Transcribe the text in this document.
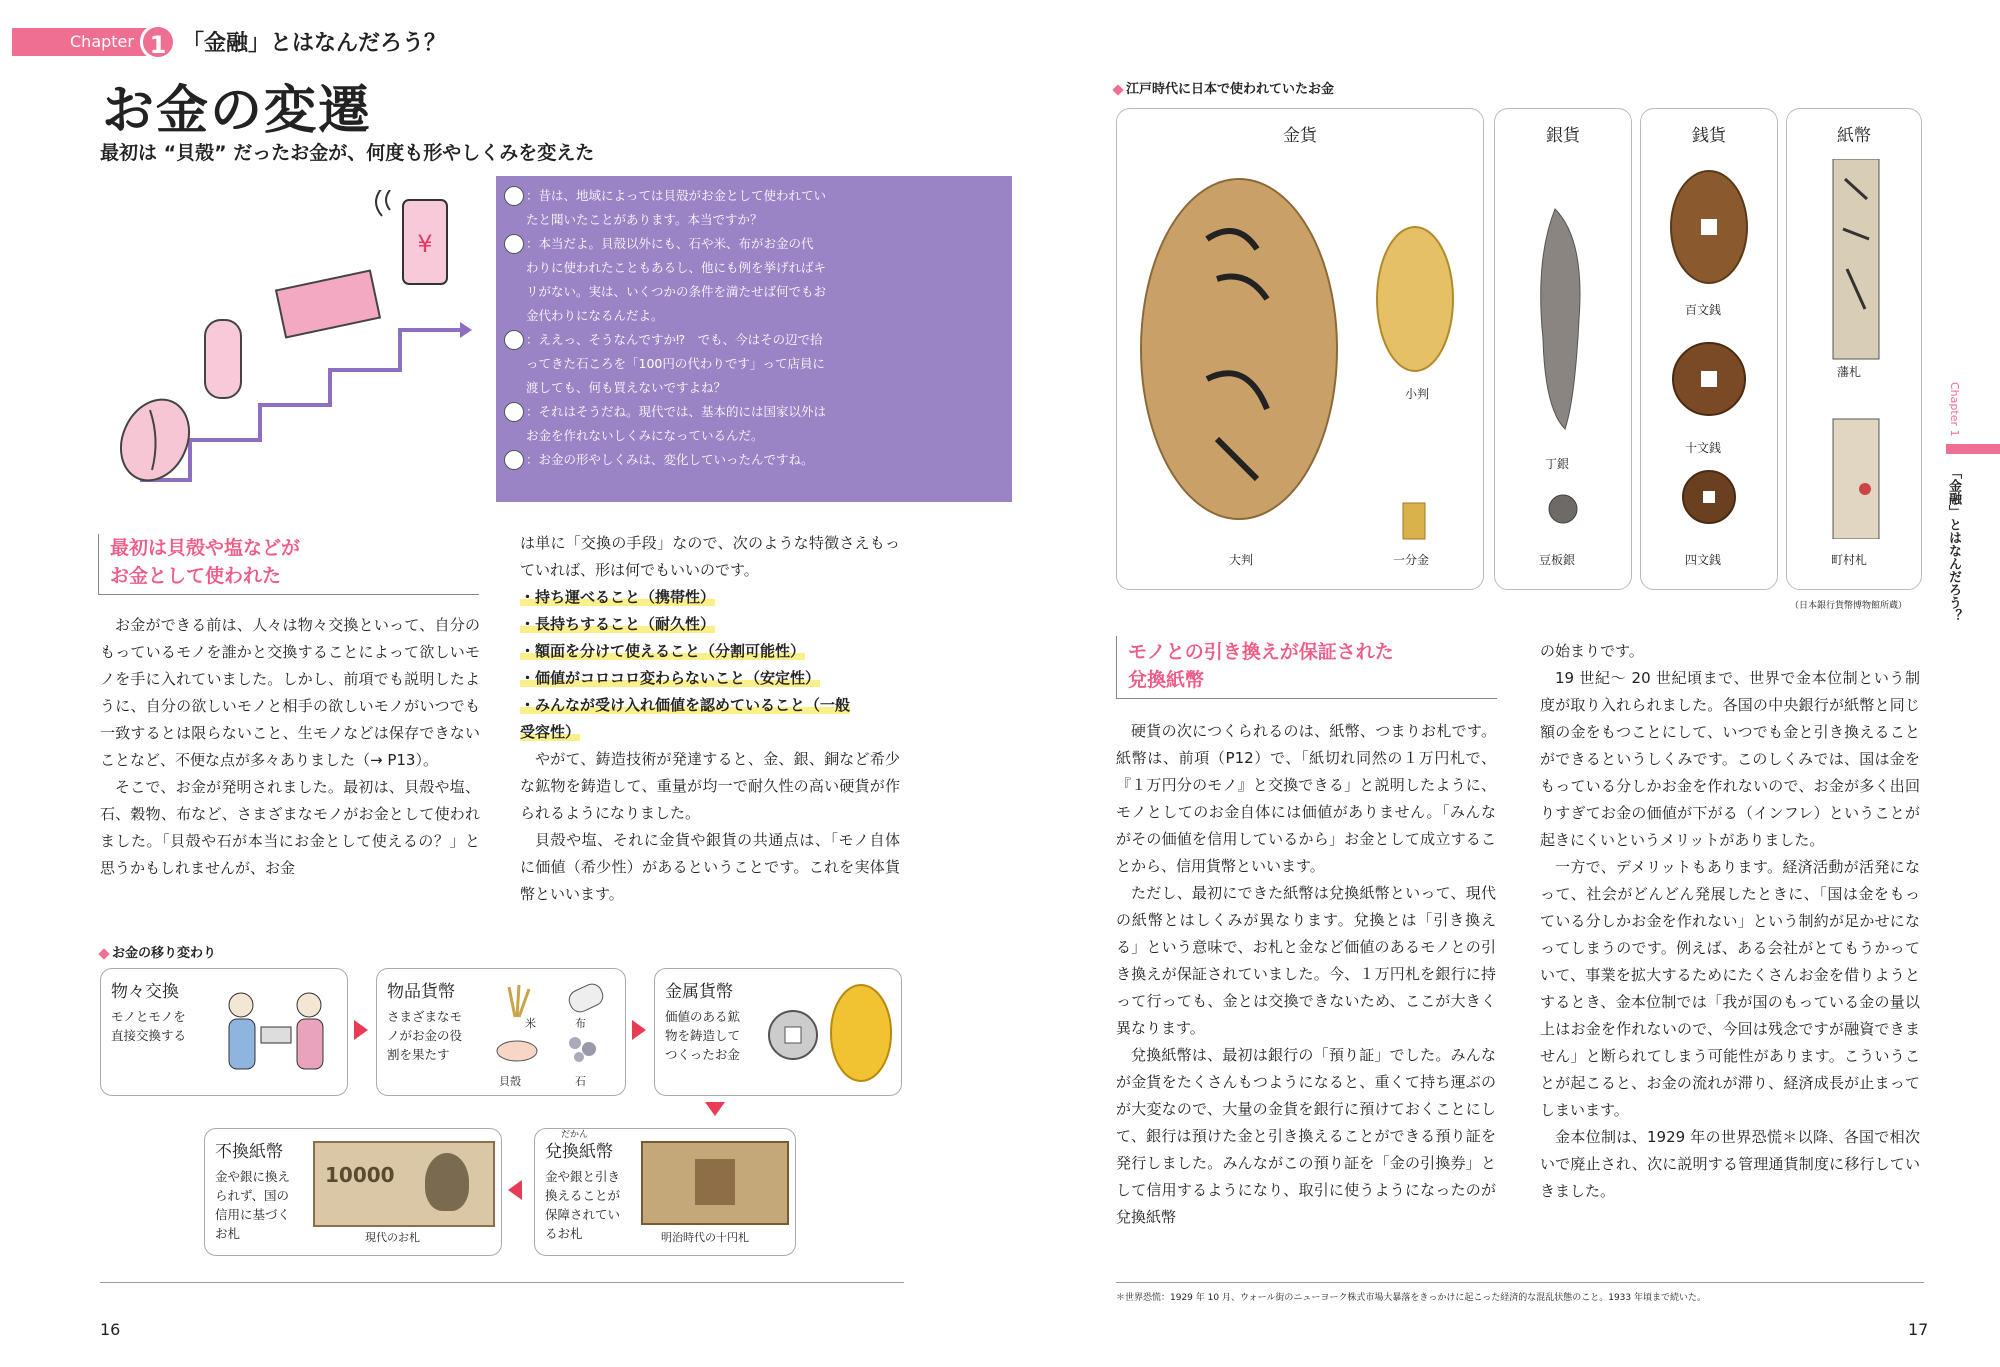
Chapter 1 「金融」とはなんだろう？
お金の変遷
最初は “貝殻” だったお金が、何度も形やしくみを変えた
¥
：昔は、地域によっては貝殻がお金として使われてい
たと聞いたことがあります。本当ですか？
：本当だよ。貝殻以外にも、石や米、布がお金の代
わりに使われたこともあるし、他にも例を挙げればキ
リがない。実は、いくつかの条件を満たせば何でもお
金代わりになるんだよ。
：ええっ、そうなんですか⁉　でも、今はその辺で拾
ってきた石ころを「100円の代わりです」って店員に
渡しても、何も買えないですよね？
：それはそうだね。現代では、基本的には国家以外は
お金を作れないしくみになっているんだ。
：お金の形やしくみは、変化していったんですね。
最初は貝殻や塩などが
お金として使われた

お金ができる前は、人々は物々交換といって、自分のもっているモノを誰かと交換することによって欲しいモノを手に入れていました。しかし、前項でも説明したように、自分の欲しいモノと相手の欲しいモノがいつでも一致するとは限らないこと、生モノなどは保存できないことなど、不便な点が多々ありました（→ P13）。

そこで、お金が発明されました。最初は、貝殻や塩、石、穀物、布など、さまざまなモノがお金として使われました。「貝殻や石が本当にお金として使えるの？」と思うかもしれませんが、お金

は単に「交換の手段」なので、次のような特徴さえもっていれば、形は何でもいいのです。

・持ち運べること（携帯性）
・長持ちすること（耐久性）
・額面を分けて使えること（分割可能性）
・価値がコロコロ変わらないこと（安定性）
・みんなが受け入れ価値を認めていること（一般
受容性）

やがて、鋳造技術が発達すると、金、銀、銅など希少な鉱物を鋳造して、重量が均一で耐久性の高い硬貨が作られるようになりました。

貝殻や塩、それに金貨や銀貨の共通点は、「モノ自体に価値（希少性）があるということです。これを実体貨幣といいます。

お金の移り変わり
物々交換
モノとモノを
直接交換する
物品貨幣
さまざまなモ
ノがお金の役
割を果たす
米	布
貝殻	石
金属貨幣
価値のある鉱
物を鋳造して
つくったお金
だかん
兌換紙幣
金や銀と引き
換えることが
保障されてい
るお札	明治時代の十円札
不換紙幣
金や銀に換え
られず、国の
信用に基づく
お札
10000
現代のお札
16
江戸時代に日本で使われていたお金
金貨
大判
小判
一分金
銀貨
丁銀
豆板銀
銭貨
百文銭
十文銭
四文銭
紙幣
藩札
町村札
（日本銀行貨幣博物館所蔵）
モノとの引き換えが保証された
兌換紙幣

硬貨の次につくられるのは、紙幣、つまりお札です。紙幣は、前項（P12）で、「紙切れ同然の１万円札で、『１万円分のモノ』と交換できる」と説明したように、モノとしてのお金自体には価値がありません。「みんながその価値を信用しているから」お金として成立することから、信用貨幣といいます。

ただし、最初にできた紙幣は兌換紙幣といって、現代の紙幣とはしくみが異なります。兌換とは「引き換える」という意味で、お札と金など価値のあるモノとの引き換えが保証されていました。今、１万円札を銀行に持って行っても、金とは交換できないため、ここが大きく異なります。

兌換紙幣は、最初は銀行の「預り証」でした。みんなが金貨をたくさんもつようになると、重くて持ち運ぶのが大変なので、大量の金貨を銀行に預けておくことにして、銀行は預けた金と引き換えることができる預り証を発行しました。みんながこの預り証を「金の引換券」として信用するようになり、取引に使うようになったのが兌換紙幣

の始まりです。

19 世紀～ 20 世紀頃まで、世界で金本位制という制度が取り入れられました。各国の中央銀行が紙幣と同じ額の金をもつことにして、いつでも金と引き換えることができるというしくみです。このしくみでは、国は金をもっている分しかお金を作れないので、お金が多く出回りすぎてお金の価値が下がる（インフレ）ということが起きにくいというメリットがありました。

一方で、デメリットもあります。経済活動が活発になって、社会がどんどん発展したときに、「国は金をもっている分しかお金を作れない」という制約が足かせになってしまうのです。例えば、ある会社がとてもうかっていて、事業を拡大するためにたくさんお金を借りようとするとき、金本位制では「我が国のもっている金の量以上はお金を作れないので、今回は残念ですが融資できません」と断られてしまう可能性があります。こういうことが起こると、お金の流れが滞り、経済成長が止まってしまいます。

金本位制は、1929 年の世界恐慌＊以降、各国で相次いで廃止され、次に説明する管理通貨制度に移行していきました。

＊世界恐慌：1929 年 10 月、ウォール街のニューヨーク株式市場大暴落をきっかけに起こった経済的な混乱状態のこと。1933 年頃まで続いた。
17
Chapter 1
「金融」とはなんだろう？
